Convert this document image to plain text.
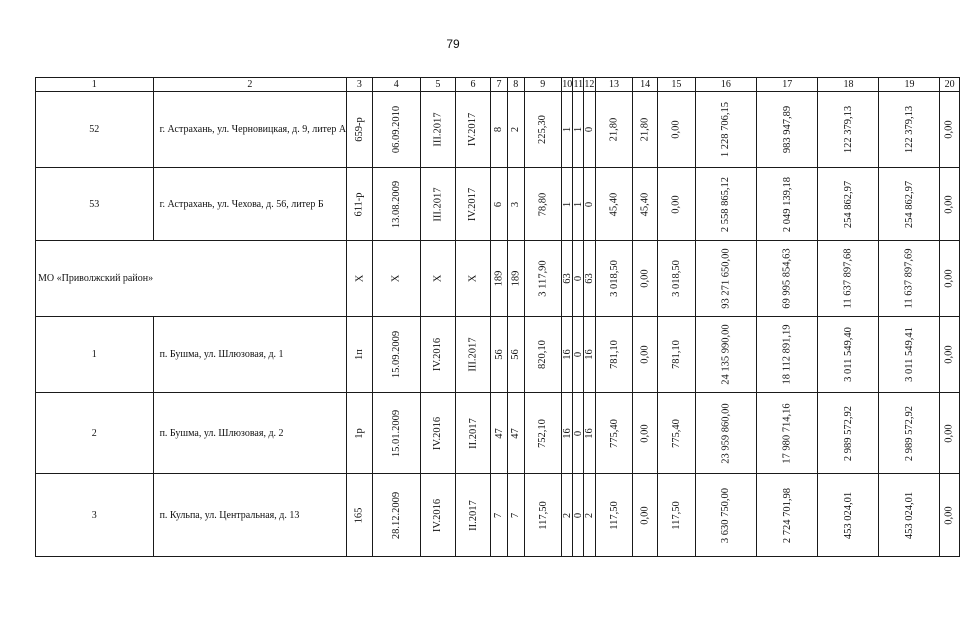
79
1	2	3	4	5	6	7	8	9	10	11	12	13	14	15	16	17	18	19	20
52	г. Астрахань, ул. Черновицкая, д. 9, литер А	659-р	06.09.2010	III.2017	IV.2017	8	2	225,30	1	1	0	21,80	21,80	0,00	1 228 706,15	983 947,89	122 379,13	122 379,13	0,00
53	г. Астрахань, ул. Чехова, д. 56, литер Б	611-р	13.08.2009	III.2017	IV.2017	6	3	78,80	1	1	0	45,40	45,40	0,00	2 558 865,12	2 049 139,18	254 862,97	254 862,97	0,00
МО «Приволжский район»		Х	Х	Х	Х	189	189	3 117,90	63	0	63	3 018,50	0,00	3 018,50	93 271 650,00	69 995 854,63	11 637 897,68	11 637 897,69	0,00
1	п. Бушма, ул. Шлюзовая, д. 1	1п	15.09.2009	IV.2016	III.2017	56	56	820,10	16	0	16	781,10	0,00	781,10	24 135 990,00	18 112 891,19	3 011 549,40	3 011 549,41	0,00
2	п. Бушма, ул. Шлюзовая, д. 2	1р	15.01.2009	IV.2016	II.2017	47	47	752,10	16	0	16	775,40	0,00	775,40	23 959 860,00	17 980 714,16	2 989 572,92	2 989 572,92	0,00
3	п. Кульпа, ул. Центральная, д. 13	165	28.12.2009	IV.2016	II.2017	7	7	117,50	2	0	2	117,50	0,00	117,50	3 630 750,00	2 724 701,98	453 024,01	453 024,01	0,00
